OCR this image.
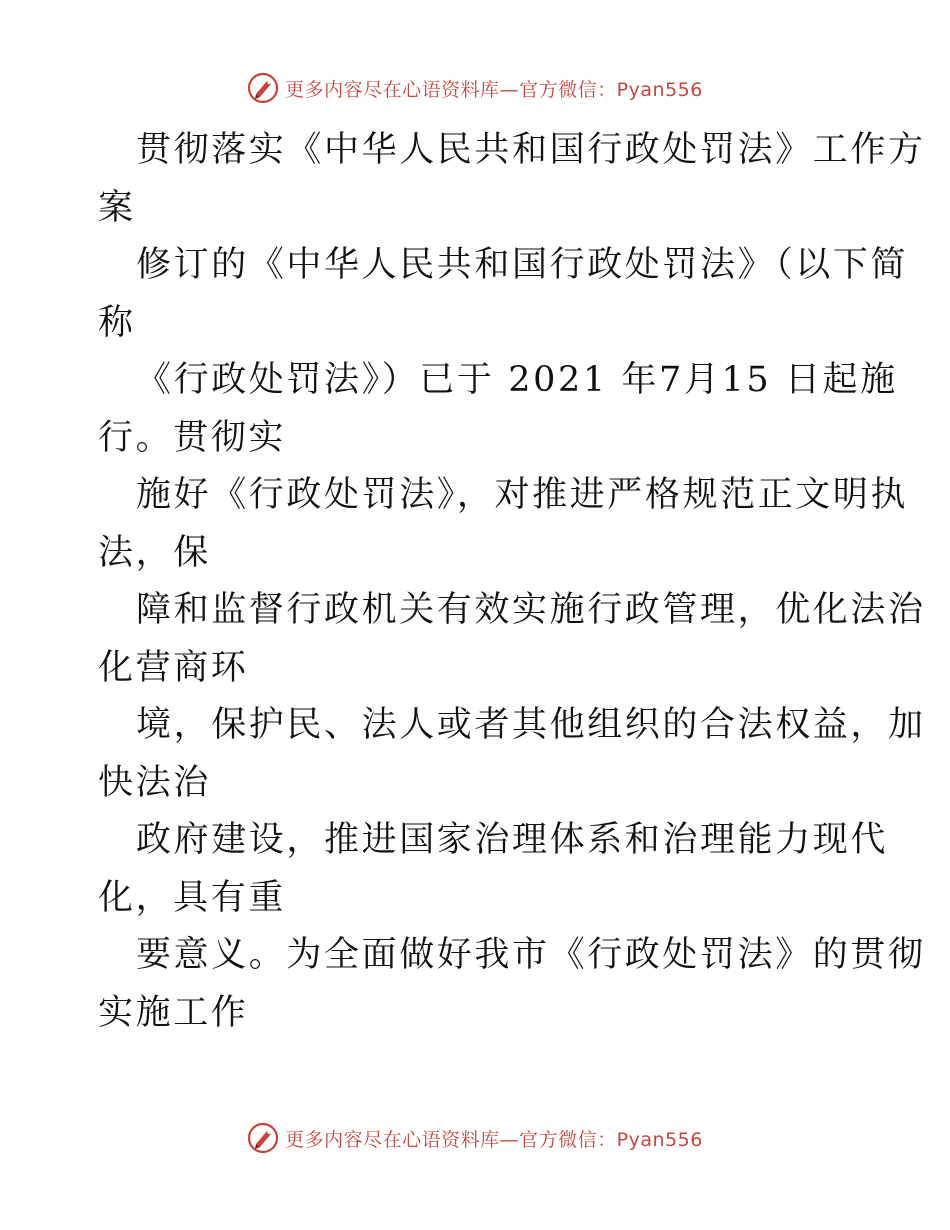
更多内容尽在心语资料库—官方微信：Pyan556

贯彻落实《中华人民共和国行政处罚法》工作方

案

修订的《中华人民共和国行政处罚法》（以下简

称

《行政处罚法》）已于 2021 年7月15 日起施

行。贯彻实

施好《行政处罚法》，对推进严格规范正文明执

法，保

障和监督行政机关有效实施行政管理，优化法治

化营商环

境，保护民、法人或者其他组织的合法权益，加

快法治

政府建设，推进国家治理体系和治理能力现代

化，具有重

要意义。为全面做好我市《行政处罚法》的贯彻

实施工作

更多内容尽在心语资料库—官方微信：Pyan556
